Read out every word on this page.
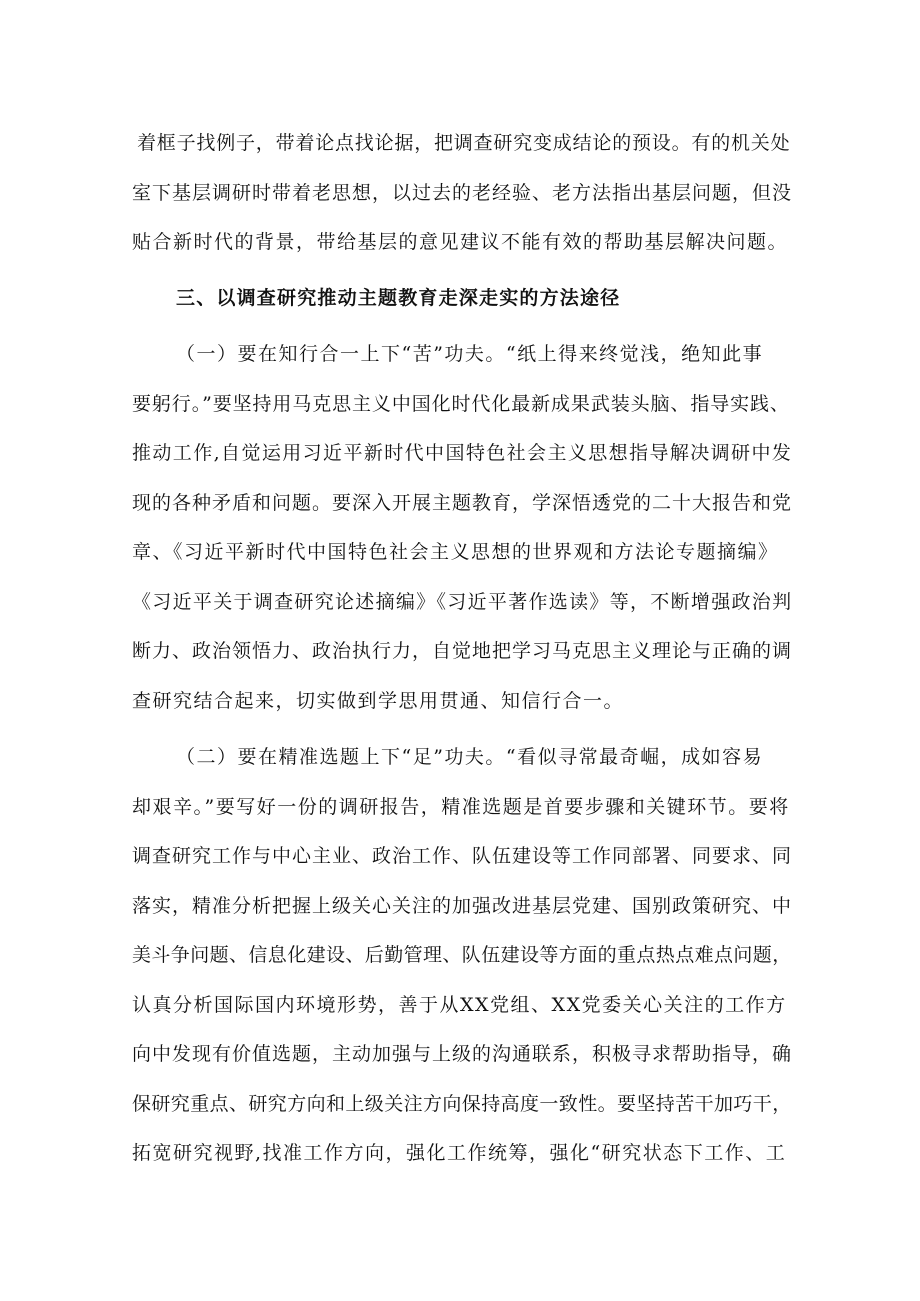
着框子找例子，带着论点找论据，把调查研究变成结论的预设。有的机关处
室下基层调研时带着老思想，以过去的老经验、老方法指出基层问题，但没
贴合新时代的背景，带给基层的意见建议不能有效的帮助基层解决问题。
三、以调查研究推动主题教育走深走实的方法途径
（一）要在知行合一上下“苦”功夫。“纸上得来终觉浅，绝知此事
要躬行。”要坚持用马克思主义中国化时代化最新成果武装头脑、指导实践、
推动工作,自觉运用习近平新时代中国特色社会主义思想指导解决调研中发
现的各种矛盾和问题。要深入开展主题教育，学深悟透党的二十大报告和党
章、《习近平新时代中国特色社会主义思想的世界观和方法论专题摘编》
《习近平关于调查研究论述摘编》《习近平著作选读》等，不断增强政治判
断力、政治领悟力、政治执行力，自觉地把学习马克思主义理论与正确的调
查研究结合起来，切实做到学思用贯通、知信行合一。
（二）要在精准选题上下“足”功夫。“看似寻常最奇崛，成如容易
却艰辛。”要写好一份的调研报告，精准选题是首要步骤和关键环节。要将
调查研究工作与中心主业、政治工作、队伍建设等工作同部署、同要求、同
落实，精准分析把握上级关心关注的加强改进基层党建、国别政策研究、中
美斗争问题、信息化建设、后勤管理、队伍建设等方面的重点热点难点问题，
认真分析国际国内环境形势，善于从XX党组、XX党委关心关注的工作方
向中发现有价值选题，主动加强与上级的沟通联系，积极寻求帮助指导，确
保研究重点、研究方向和上级关注方向保持高度一致性。要坚持苦干加巧干，
拓宽研究视野,找准工作方向，强化工作统筹，强化“研究状态下工作、工
